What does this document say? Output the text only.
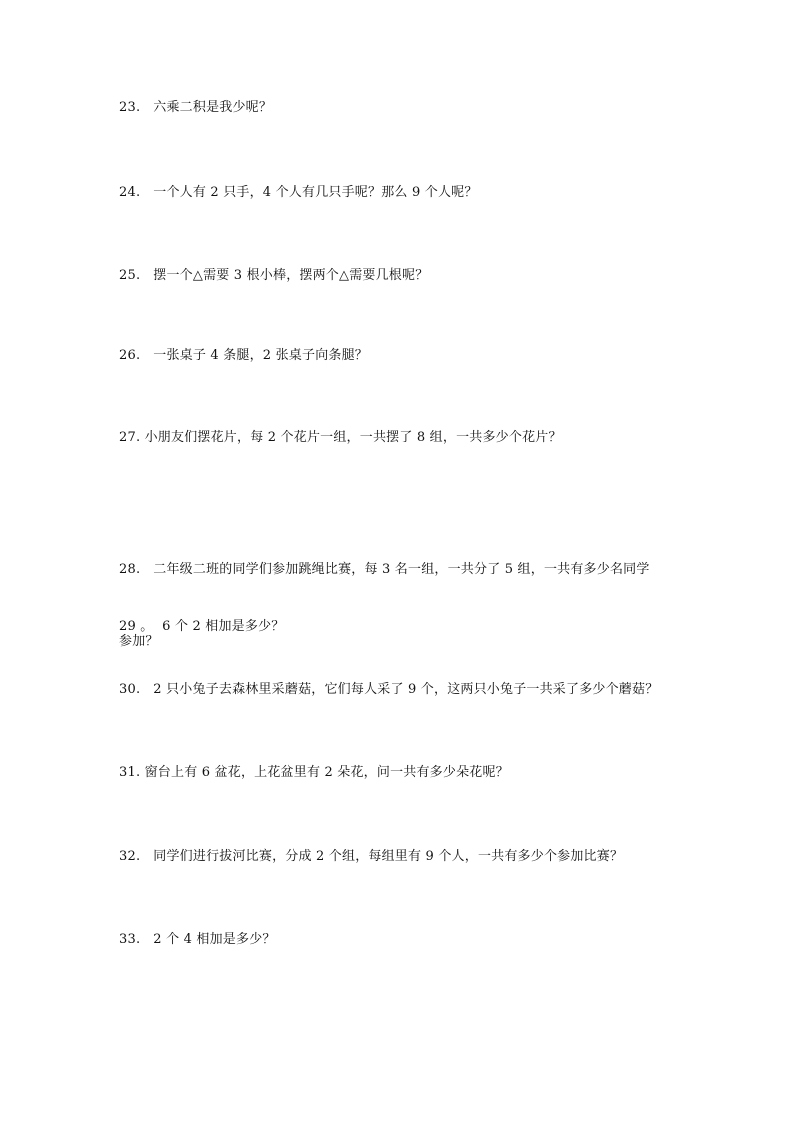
23.   六乘二积是我少呢？
24.   一个人有 2 只手，4 个人有几只手呢？那么 9 个人呢？
25.   摆一个△需要 3 根小棒，摆两个△需要几根呢？
26.   一张桌子 4 条腿，2 张桌子向条腿？
27. 小朋友们摆花片，每 2 个花片一组，一共摆了 8 组，一共多少个花片？

28.   二年级二班的同学们参加跳绳比赛，每 3 名一组，一共分了 5 组，一共有多少名同学

参加？

29 。  6 个 2 相加是多少？
30.   2 只小兔子去森林里采蘑菇，它们每人采了 9 个，这两只小兔子一共采了多少个蘑菇？
31. 窗台上有 6 盆花，上花盆里有 2 朵花，问一共有多少朵花呢？
32.   同学们进行拔河比赛，分成 2 个组，每组里有 9 个人，一共有多少个参加比赛？
33.   2 个 4 相加是多少？
